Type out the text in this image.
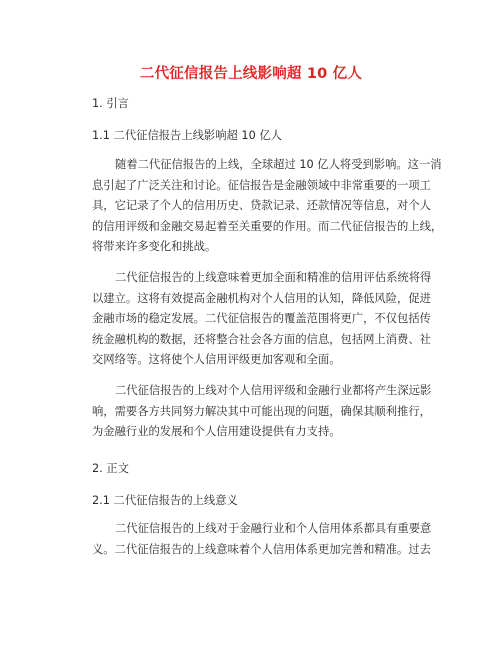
二代征信报告上线影响超 10 亿人
1. 引言
1.1 二代征信报告上线影响超 10 亿人
随着二代征信报告的上线，全球超过 10 亿人将受到影响。这一消
息引起了广泛关注和讨论。征信报告是金融领域中非常重要的一项工
具，它记录了个人的信用历史、贷款记录、还款情况等信息，对个人
的信用评级和金融交易起着至关重要的作用。而二代征信报告的上线，
将带来许多变化和挑战。
二代征信报告的上线意味着更加全面和精准的信用评估系统将得
以建立。这将有效提高金融机构对个人信用的认知，降低风险，促进
金融市场的稳定发展。二代征信报告的覆盖范围将更广，不仅包括传
统金融机构的数据，还将整合社会各方面的信息，包括网上消费、社
交网络等。这将使个人信用评级更加客观和全面。
二代征信报告的上线对个人信用评级和金融行业都将产生深远影
响，需要各方共同努力解决其中可能出现的问题，确保其顺利推行，
为金融行业的发展和个人信用建设提供有力支持。
2. 正文
2.1 二代征信报告的上线意义
二代征信报告的上线对于金融行业和个人信用体系都具有重要意
义。二代征信报告的上线意味着个人信用体系更加完善和精准。过去
